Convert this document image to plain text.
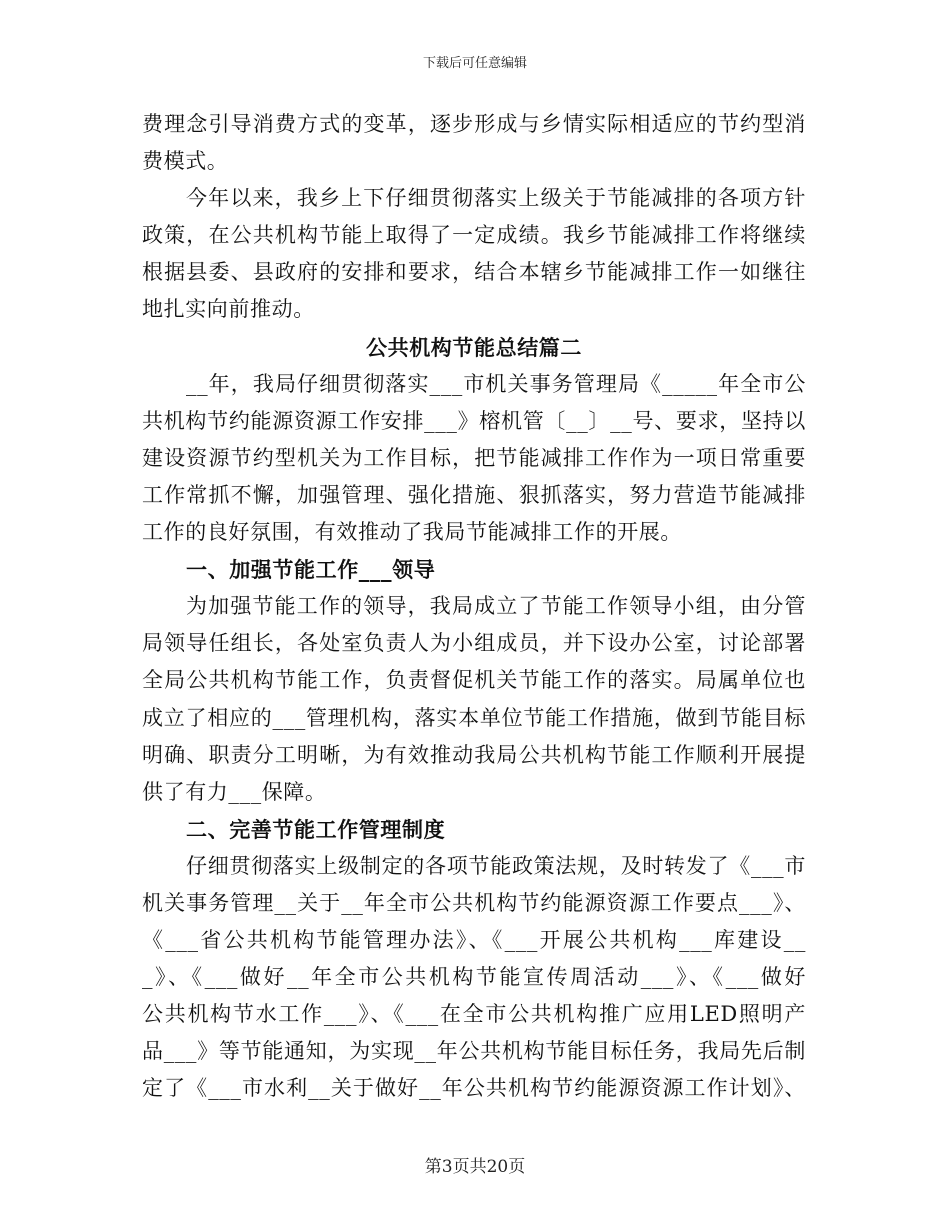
下载后可任意编辑
费理念引导消费方式的变革，逐步形成与乡情实际相适应的节约型消
费模式。
今年以来，我乡上下仔细贯彻落实上级关于节能减排的各项方针
政策，在公共机构节能上取得了一定成绩。我乡节能减排工作将继续
根据县委、县政府的安排和要求，结合本辖乡节能减排工作一如继往
地扎实向前推动。
公共机构节能总结篇二
__年，我局仔细贯彻落实___市机关事务管理局《_____年全市公
共机构节约能源资源工作安排___》榕机管〔__〕__号、要求，坚持以
建设资源节约型机关为工作目标，把节能减排工作作为一项日常重要
工作常抓不懈，加强管理、强化措施、狠抓落实，努力营造节能减排
工作的良好氛围，有效推动了我局节能减排工作的开展。
一、加强节能工作___领导
为加强节能工作的领导，我局成立了节能工作领导小组，由分管
局领导任组长，各处室负责人为小组成员，并下设办公室，讨论部署
全局公共机构节能工作，负责督促机关节能工作的落实。局属单位也
成立了相应的___管理机构，落实本单位节能工作措施，做到节能目标
明确、职责分工明晰，为有效推动我局公共机构节能工作顺利开展提
供了有力___保障。
二、完善节能工作管理制度
仔细贯彻落实上级制定的各项节能政策法规，及时转发了《___市
机关事务管理__关于__年全市公共机构节约能源资源工作要点___》、
《___省公共机构节能管理办法》、《___开展公共机构___库建设__
_》、《___做好__年全市公共机构节能宣传周活动___》、《___做好
公共机构节水工作___》、《___在全市公共机构推广应用LED照明产
品___》等节能通知，为实现__年公共机构节能目标任务，我局先后制
定了《___市水利__关于做好__年公共机构节约能源资源工作计划》、
第3页共20页
